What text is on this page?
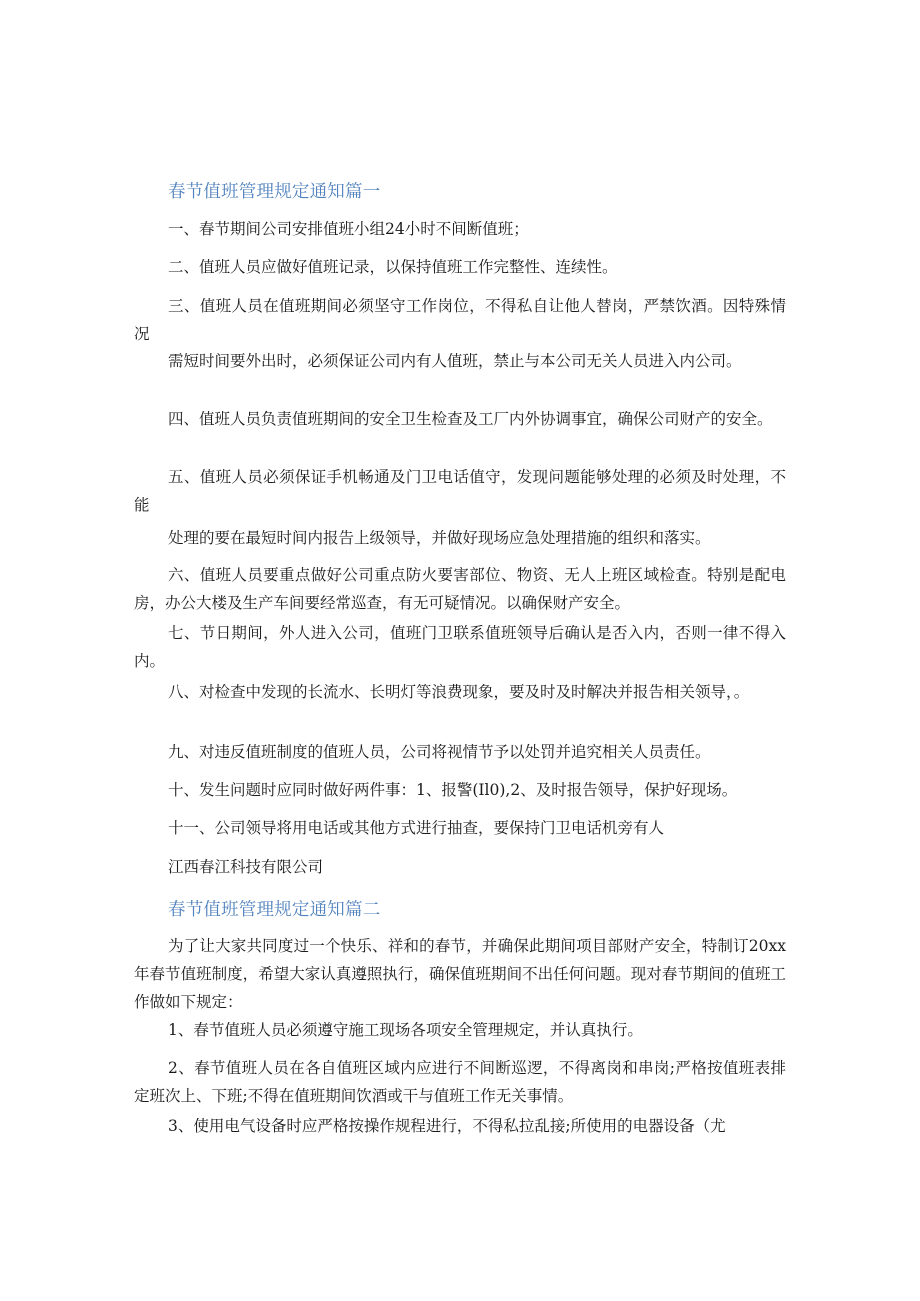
春节值班管理规定通知篇一

一、春节期间公司安排值班小组24小时不间断值班；

二、值班人员应做好值班记录，以保持值班工作完整性、连续性。

三、值班人员在值班期间必须坚守工作岗位，不得私自让他人替岗，严禁饮酒。因特殊情况

需短时间要外出时，必须保证公司内有人值班，禁止与本公司无关人员进入内公司。

四、值班人员负责值班期间的安全卫生检查及工厂内外协调事宜，确保公司财产的安全。

五、值班人员必须保证手机畅通及门卫电话值守，发现问题能够处理的必须及时处理，不能

处理的要在最短时间内报告上级领导，并做好现场应急处理措施的组织和落实。

六、值班人员要重点做好公司重点防火要害部位、物资、无人上班区域检查。特别是配电房，办公大楼及生产车间要经常巡查，有无可疑情况。以确保财产安全。

七、节日期间，外人进入公司，值班门卫联系值班领导后确认是否入内，否则一律不得入内。

八、对检查中发现的长流水、长明灯等浪费现象，要及时及时解决并报告相关领导，。

九、对违反值班制度的值班人员，公司将视情节予以处罚并追究相关人员责任。

十、发生问题时应同时做好两件事：1、报警(Il0),2、及时报告领导，保护好现场。

十一、公司领导将用电话或其他方式进行抽查，要保持门卫电话机旁有人

江西春江科技有限公司
春节值班管理规定通知篇二

为了让大家共同度过一个快乐、祥和的春节，并确保此期间项目部财产安全，特制订20xx年春节值班制度，希望大家认真遵照执行，确保值班期间不出任何问题。现对春节期间的值班工作做如下规定：

1、春节值班人员必须遵守施工现场各项安全管理规定，并认真执行。

2、春节值班人员在各自值班区域内应进行不间断巡逻，不得离岗和串岗;严格按值班表排定班次上、下班;不得在值班期间饮酒或干与值班工作无关事情。

3、使用电气设备时应严格按操作规程进行，不得私拉乱接;所使用的电器设备（尤
